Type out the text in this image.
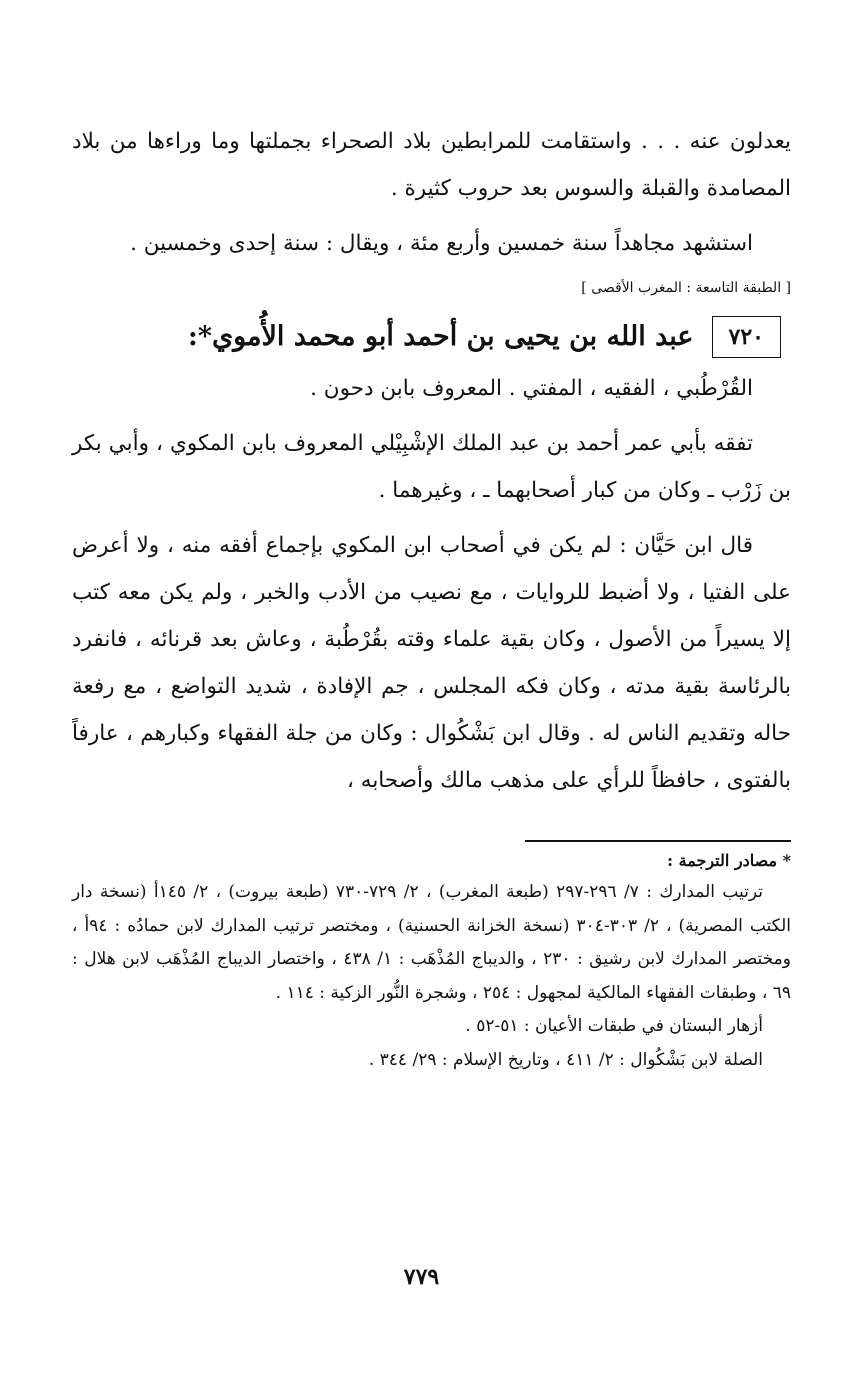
يعدلون عنه . . . واستقامت للمرابطين بلاد الصحراء بجملتها وما وراءها من بلاد المصامدة والقبلة والسوس بعد حروب كثيرة .

استشهد مجاهداً سنة خمسين وأربع مئة ، ويقال : سنة إحدى وخمسين .

[ الطبقة التاسعة : المغرب الأقصى ]

٧٢٠
عبد الله بن يحيى بن أحمد أبو محمد الأُموي*:

القُرْطُبي ، الفقيه ، المفتي . المعروف بابن دحون .

تفقه بأبي عمر أحمد بن عبد الملك الإشْبِيْلي المعروف بابن المكوي ، وأبي بكر بن زَرْب ـ وكان من كبار أصحابهما ـ ، وغيرهما .

قال ابن حَيَّان : لم يكن في أصحاب ابن المكوي بإجماع أفقه منه ، ولا أعرض على الفتيا ، ولا أضبط للروايات ، مع نصيب من الأدب والخبر ، ولم يكن معه كتب إلا يسيراً من الأصول ، وكان بقية علماء وقته بقُرْطُبة ، وعاش بعد قرنائه ، فانفرد بالرئاسة بقية مدته ، وكان فكه المجلس ، جم الإفادة ، شديد التواضع ، مع رفعة حاله وتقديم الناس له . وقال ابن بَشْكُوال : وكان من جلة الفقهاء وكبارهم ، عارفاً بالفتوى ، حافظاً للرأي على مذهب مالك وأصحابه ،

* مصادر الترجمة :

ترتيب المدارك : ٧/ ٢٩٦-٢٩٧ (طبعة المغرب) ، ٢/ ٧٢٩-٧٣٠ (طبعة بيروت) ، ٢/ ١٤٥أ (نسخة دار الكتب المصرية) ، ٢/ ٣٠٣-٣٠٤ (نسخة الخزانة الحسنية) ، ومختصر ترتيب المدارك لابن حمادُه : ٩٤أ ، ومختصر المدارك لابن رشيق : ٢٣٠ ، والديباج المُذْهَب : ١/ ٤٣٨ ، واختصار الديباج المُذْهَب لابن هلال : ٦٩ ، وطبقات الفقهاء المالكية لمجهول : ٢٥٤ ، وشجرة النُّور الزكية : ١١٤ .

أزهار البستان في طبقات الأعيان : ٥١-٥٢ .

الصلة لابن بَشْكُوال : ٢/ ٤١١ ، وتاريخ الإسلام : ٢٩/ ٣٤٤ .

٧٧٩
